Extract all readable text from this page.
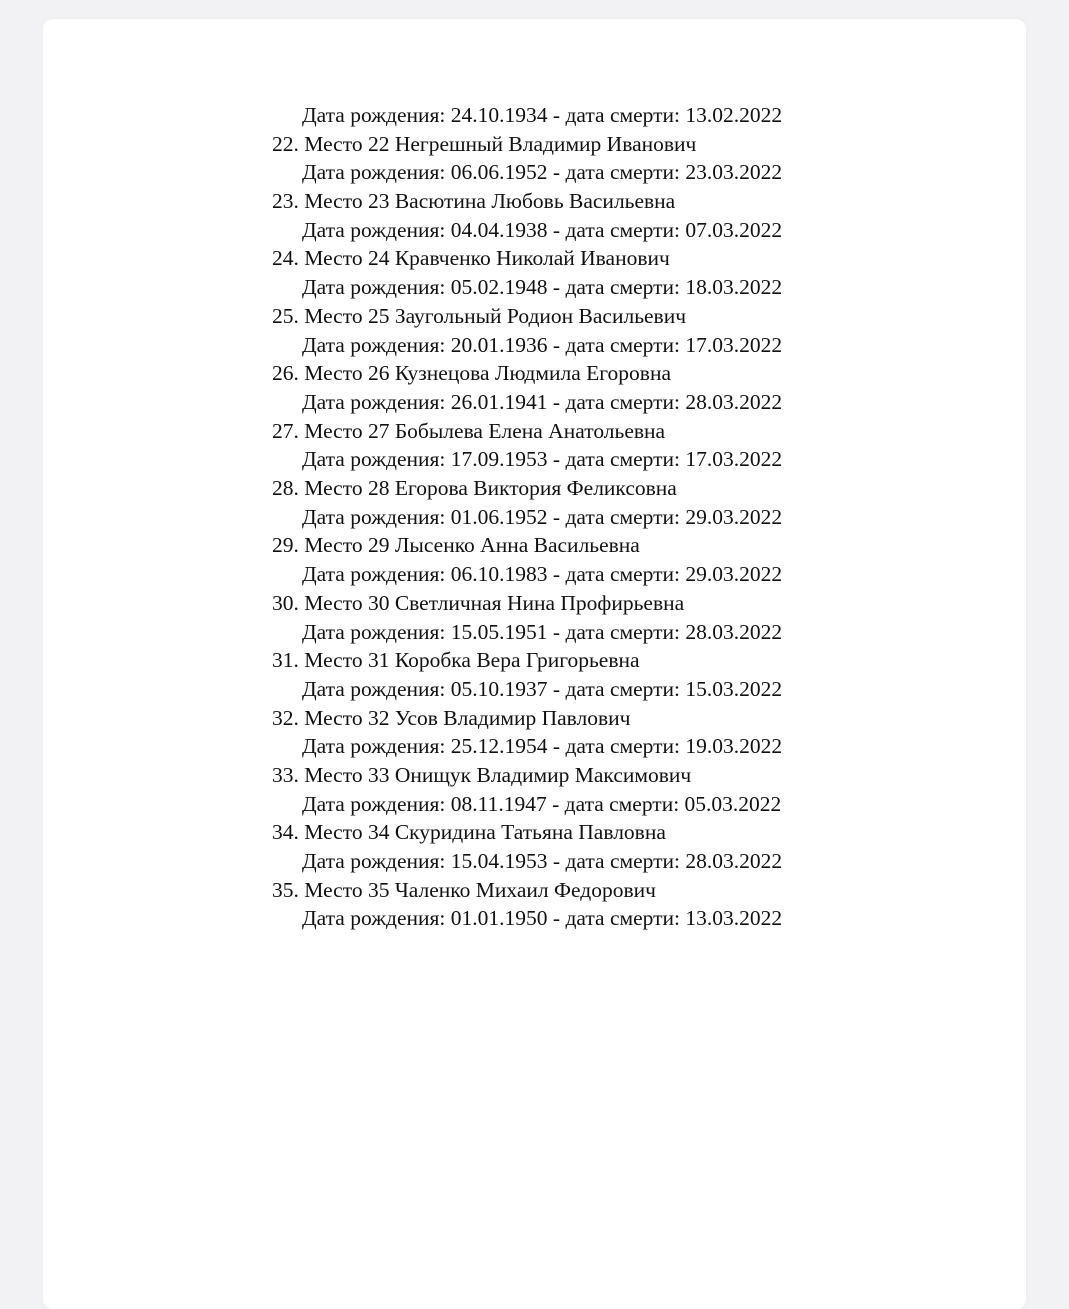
Дата рождения: 24.10.1934 - дата смерти: 13.02.2022
22. Место 22 Негрешный Владимир Иванович
Дата рождения: 06.06.1952 - дата смерти: 23.03.2022
23. Место 23 Васютина Любовь Васильевна
Дата рождения: 04.04.1938 - дата смерти: 07.03.2022
24. Место 24 Кравченко Николай Иванович
Дата рождения: 05.02.1948 - дата смерти: 18.03.2022
25. Место 25 Заугольный Родион Васильевич
Дата рождения: 20.01.1936 - дата смерти: 17.03.2022
26. Место 26 Кузнецова Людмила Егоровна
Дата рождения: 26.01.1941 - дата смерти: 28.03.2022
27. Место 27 Бобылева Елена Анатольевна
Дата рождения: 17.09.1953 - дата смерти: 17.03.2022
28. Место 28 Егорова Виктория Феликсовна
Дата рождения: 01.06.1952 - дата смерти: 29.03.2022
29. Место 29 Лысенко Анна Васильевна
Дата рождения: 06.10.1983 - дата смерти: 29.03.2022
30. Место 30 Светличная Нина Профирьевна
Дата рождения: 15.05.1951 - дата смерти: 28.03.2022
31. Место 31 Коробка Вера Григорьевна
Дата рождения: 05.10.1937 - дата смерти: 15.03.2022
32. Место 32 Усов Владимир Павлович
Дата рождения: 25.12.1954 - дата смерти: 19.03.2022
33. Место 33 Онищук Владимир Максимович
Дата рождения: 08.11.1947 - дата смерти: 05.03.2022
34. Место 34 Скуридина Татьяна Павловна
Дата рождения: 15.04.1953 - дата смерти: 28.03.2022
35. Место 35 Чаленко Михаил Федорович
Дата рождения: 01.01.1950 - дата смерти: 13.03.2022
